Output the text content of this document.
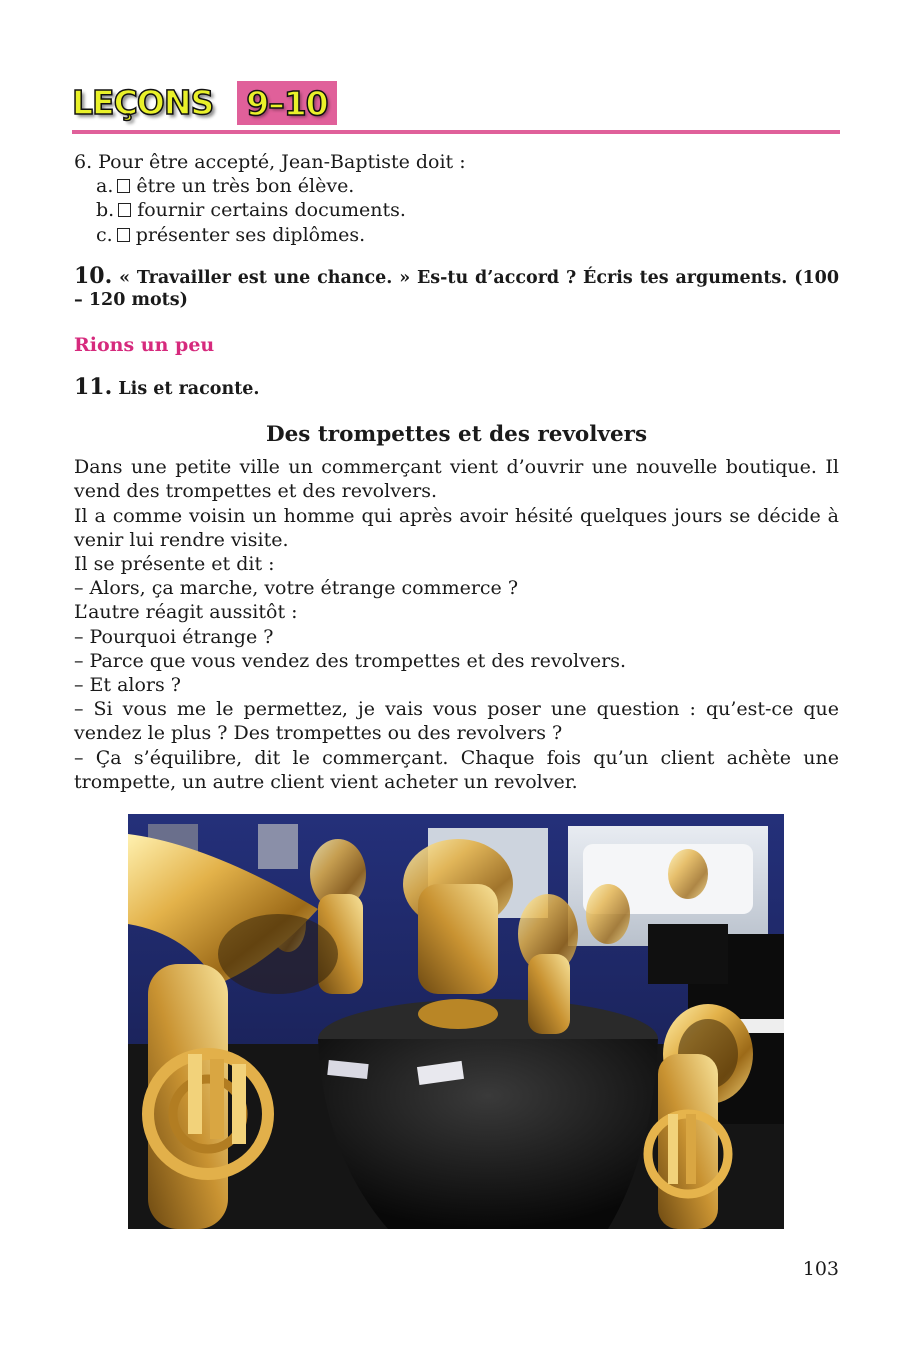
LEÇONS 9–10

6. Pour être accepté, Jean-Baptiste doit :

a. être un très bon élève.

b. fournir certains documents.

c. présenter ses diplômes.

10. « Travailler est une chance. » Es-tu d’accord ? Écris tes arguments. (100 – 120 mots)
Rions un peu
11. Lis et raconte.
Des trompettes et des revolvers

Dans une petite ville un commerçant vient d’ouvrir une nouvelle boutique. Il vend des trompettes et des revolvers.

Il a comme voisin un homme qui après avoir hésité quelques jours se décide à venir lui rendre visite.

Il se présente et dit :

– Alors, ça marche, votre étrange commerce ?

L’autre réagit aussitôt :

– Pourquoi étrange ?

– Parce que vous vendez des trompettes et des revolvers.

– Et alors ?

– Si vous me le permettez, je vais vous poser une question : qu’est-ce que vendez le plus ? Des trompettes ou des revolvers ?

– Ça s’équilibre, dit le commerçant. Chaque fois qu’un client achète une trompette, un autre client vient acheter un revolver.

103
